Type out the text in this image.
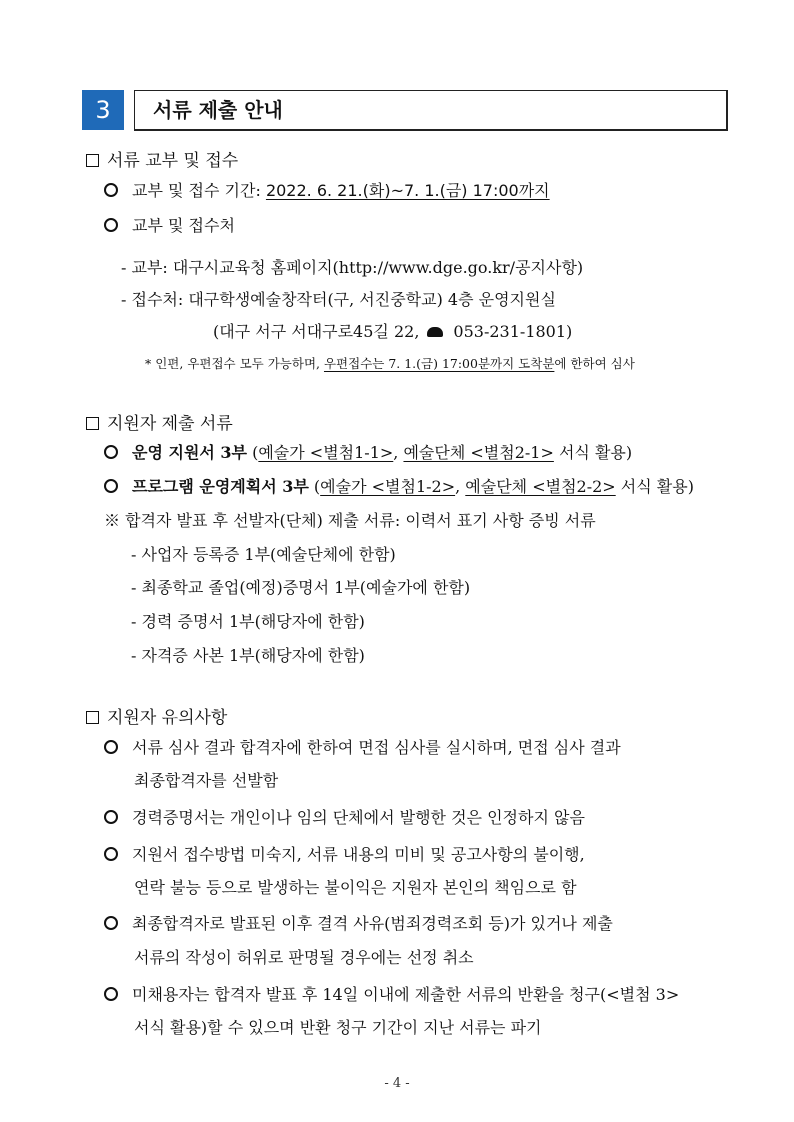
3	서류 제출 안내
서류 교부 및 접수
교부 및 접수 기간: 2022. 6. 21.(화)~7. 1.(금) 17:00까지
교부 및 접수처
- 교부: 대구시교육청 홈페이지(http://www.dge.go.kr/공지사항)
- 접수처: 대구학생예술창작터(구, 서진중학교) 4층 운영지원실
(대구 서구 서대구로45길 22, 053-231-1801)
* 인편, 우편접수 모두 가능하며, 우편접수는 7. 1.(금) 17:00분까지 도착분에 한하여 심사
지원자 제출 서류
운영 지원서 3부 (예술가 <별첨1-1>, 예술단체 <별첨2-1> 서식 활용)
프로그램 운영계획서 3부 (예술가 <별첨1-2>, 예술단체 <별첨2-2> 서식 활용)
※ 합격자 발표 후 선발자(단체) 제출 서류: 이력서 표기 사항 증빙 서류
- 사업자 등록증 1부(예술단체에 한함)
- 최종학교 졸업(예정)증명서 1부(예술가에 한함)
- 경력 증명서 1부(해당자에 한함)
- 자격증 사본 1부(해당자에 한함)
지원자 유의사항
서류 심사 결과 합격자에 한하여 면접 심사를 실시하며, 면접 심사 결과
최종합격자를 선발함
경력증명서는 개인이나 임의 단체에서 발행한 것은 인정하지 않음
지원서 접수방법 미숙지, 서류 내용의 미비 및 공고사항의 불이행,
연락 불능 등으로 발생하는 불이익은 지원자 본인의 책임으로 함
최종합격자로 발표된 이후 결격 사유(범죄경력조회 등)가 있거나 제출
서류의 작성이 허위로 판명될 경우에는 선정 취소
미채용자는 합격자 발표 후 14일 이내에 제출한 서류의 반환을 청구(<별첨 3>
서식 활용)할 수 있으며 반환 청구 기간이 지난 서류는 파기
- 4 -
